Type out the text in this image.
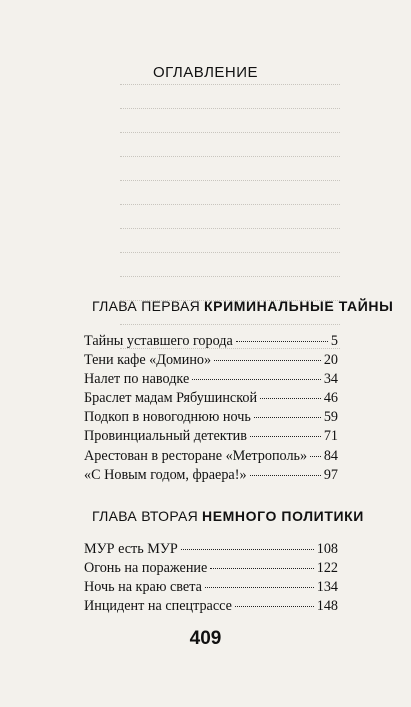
ОГЛАВЛЕНИЕ
ГЛАВА ПЕРВАЯ КРИМИНАЛЬНЫЕ ТАЙНЫ
Тайны уставшего города	5
Тени кафе «Домино»	20
Налет по наводке	34
Браслет мадам Рябушинской	46
Подкоп в новогоднюю ночь	59
Провинциальный детектив	71
Арестован в ресторане «Метрополь» 84
«С Новым годом, фраера!»	97
ГЛАВА ВТОРАЯ НЕМНОГО ПОЛИТИКИ
МУР есть МУР	108
Огонь на поражение	122
Ночь на краю света	134
Инцидент на спецтрассе	148
409
